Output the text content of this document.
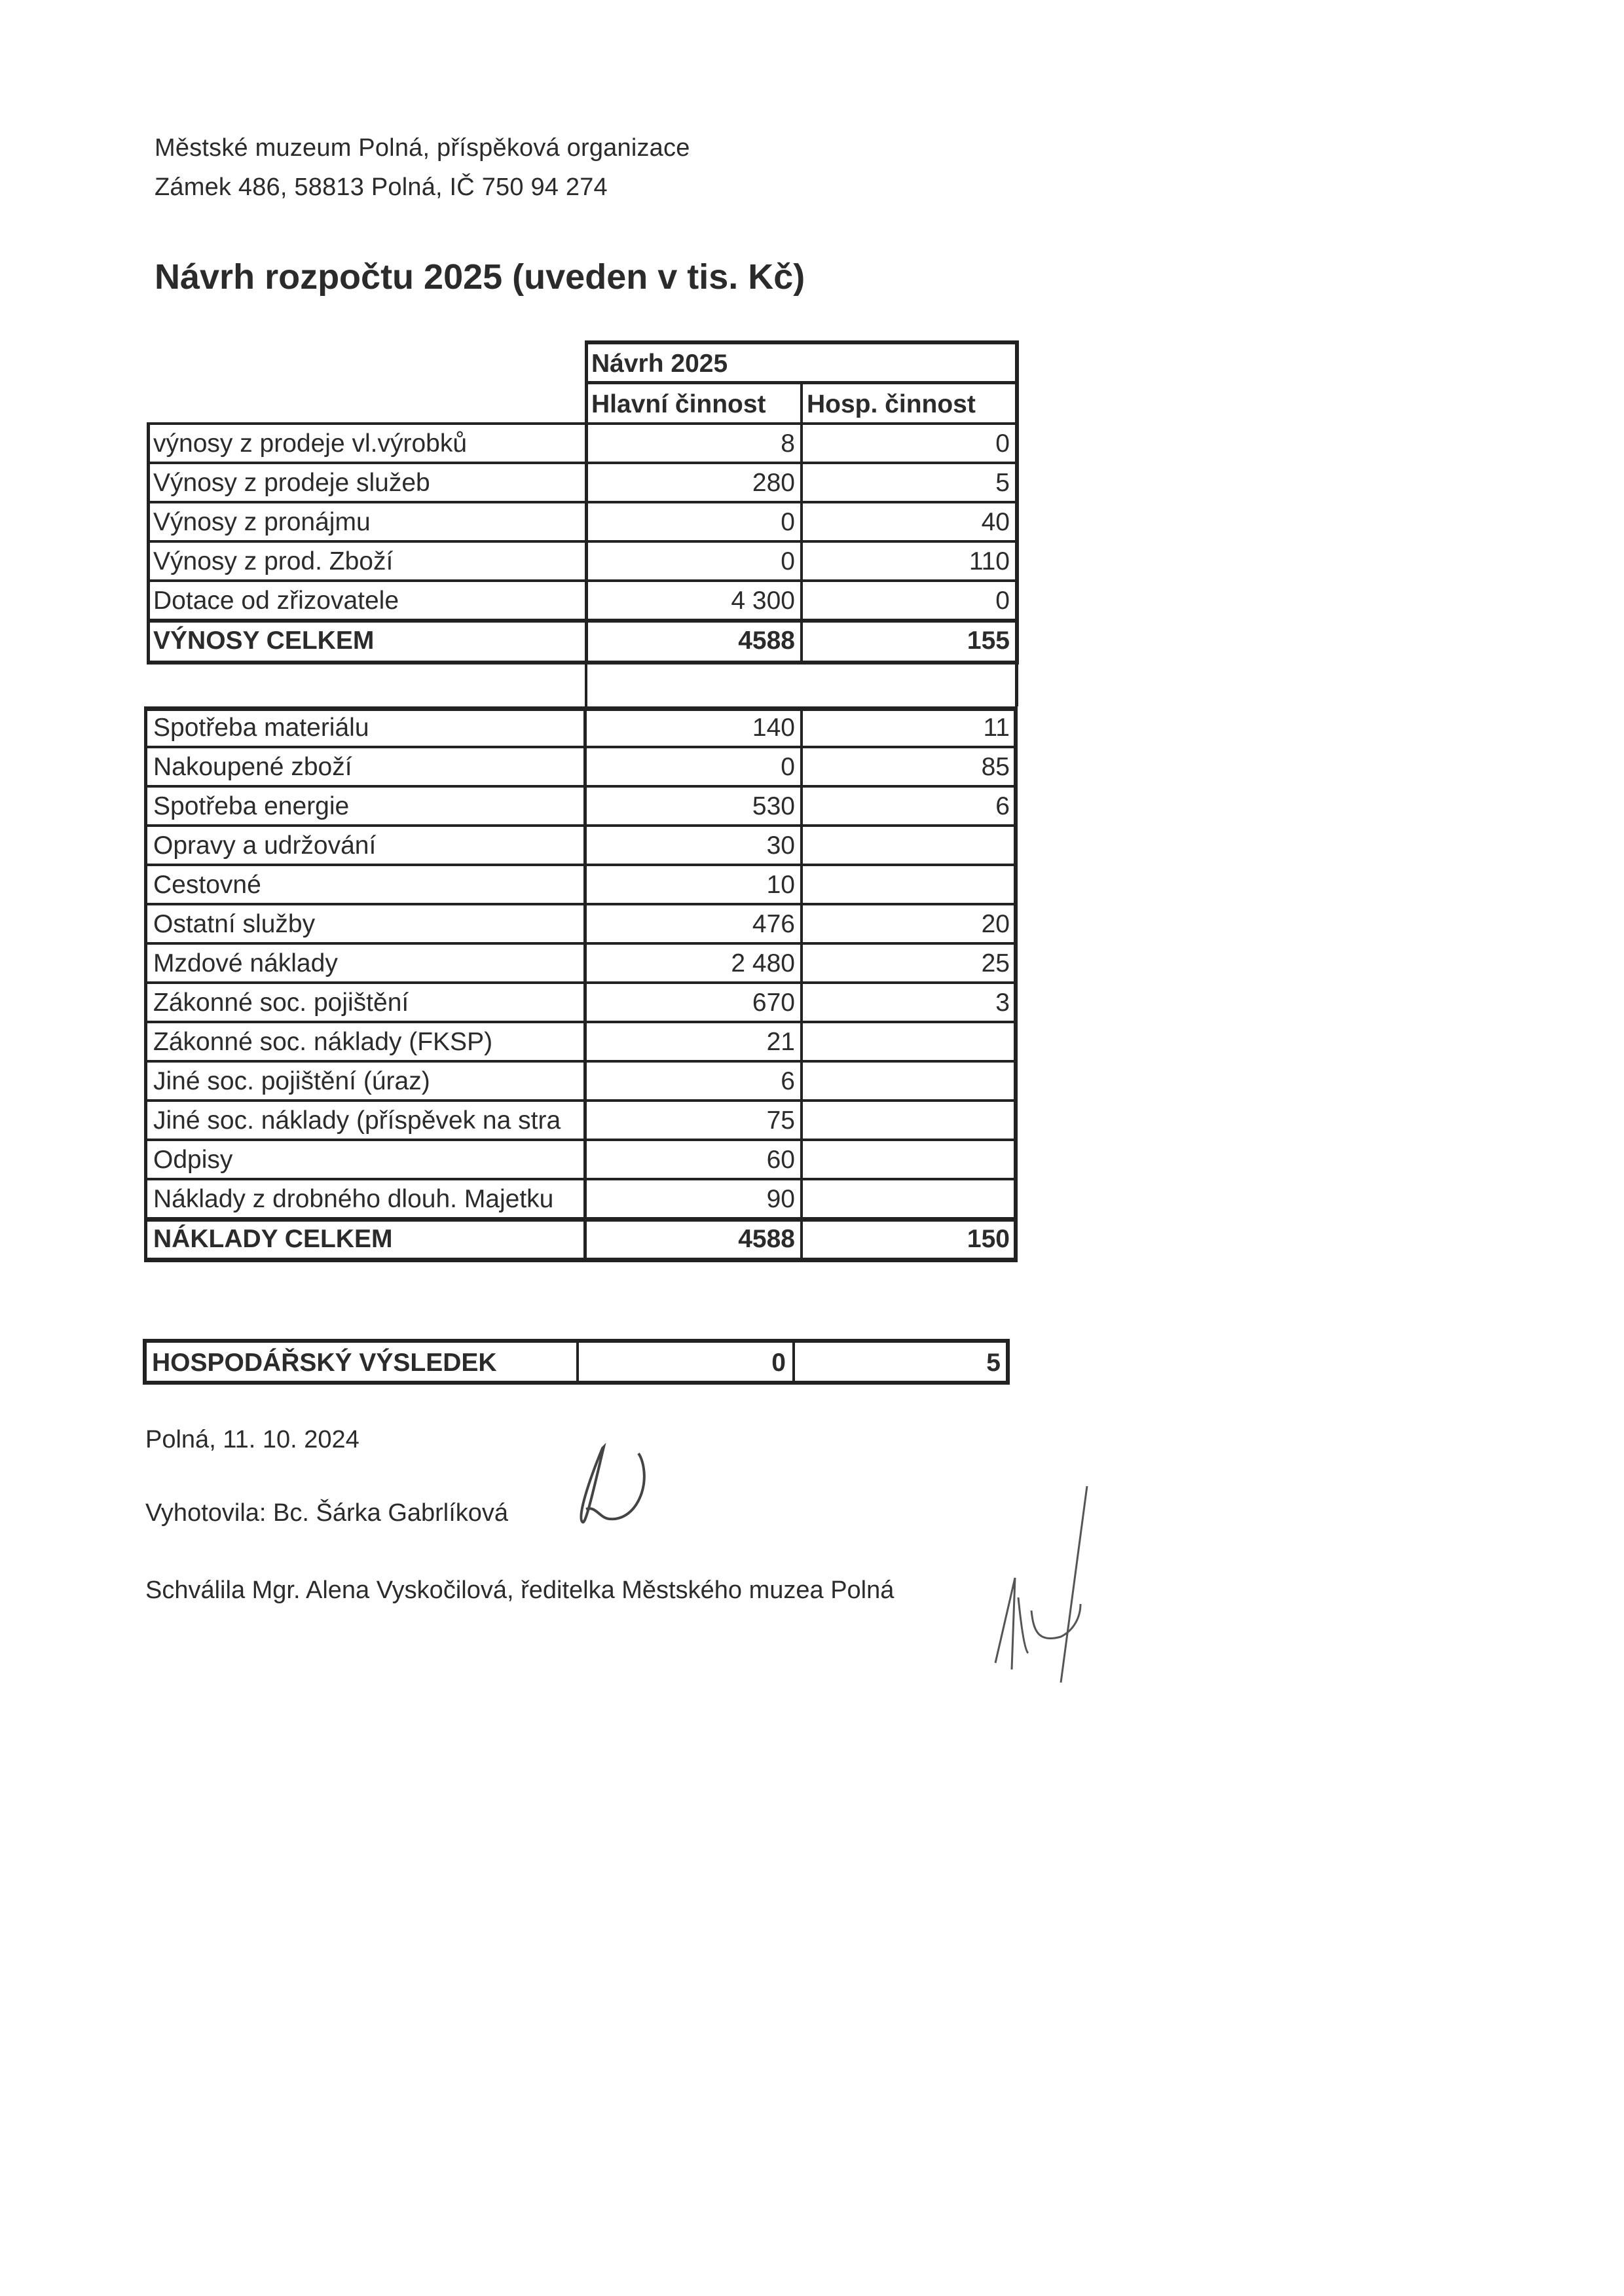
Městské muzeum Polná, příspěková organizace
Zámek 486, 58813 Polná, IČ 750 94 274
Návrh rozpočtu 2025 (uveden v tis. Kč)
Návrh 2025
Hlavní činnost	Hosp. činnost
výnosy z prodeje vl.výrobků	8	0
Výnosy z prodeje služeb	280	5
Výnosy z pronájmu	0	40
Výnosy z prod. Zboží	0	110
Dotace od zřizovatele	4 300	0
VÝNOSY CELKEM	4588	155
Spotřeba materiálu	140	11
Nakoupené zboží	0	85
Spotřeba energie	530	6
Opravy a udržování	30
Cestovné	10
Ostatní služby	476	20
Mzdové náklady	2 480	25
Zákonné soc. pojištění	670	3
Zákonné soc. náklady (FKSP)	21
Jiné soc. pojištění (úraz)	6
Jiné soc. náklady (příspěvek na stra	75
Odpisy	60
Náklady z drobného dlouh. Majetku	90
NÁKLADY CELKEM	4588	150
HOSPODÁŘSKÝ VÝSLEDEK	0	5
Polná, 11. 10. 2024
Vyhotovila: Bc. Šárka Gabrlíková
Schválila Mgr. Alena Vyskočilová, ředitelka Městského muzea Polná
